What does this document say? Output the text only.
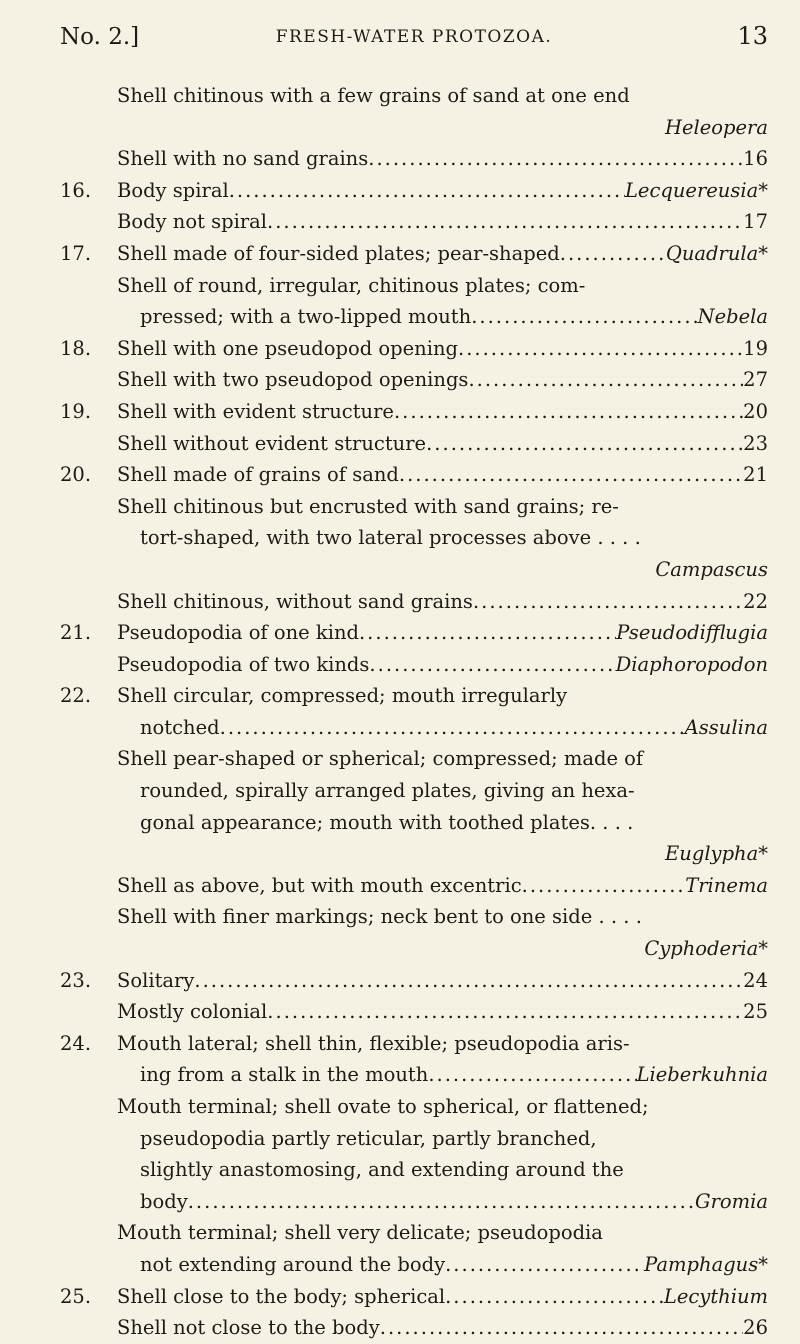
No. 2.]	FRESH-WATER PROTOZOA.	13
Shell chitinous with a few grains of sand at one end
Heleopera
Shell with no sand grains .....	16
16. Body spiral .....	Lecquereusia*
Body not spiral .....	17
17. Shell made of four-sided plates; pear-shaped .....	Quadrula*
Shell of round, irregular, chitinous plates; com-
pressed; with a two-lipped mouth .....	Nebela
18. Shell with one pseudopod opening .....	19
Shell with two pseudopod openings .....	27
19. Shell with evident structure .....	20
Shell without evident structure .....	23
20. Shell made of grains of sand .....	21
Shell chitinous but encrusted with sand grains; re-
tort-shaped, with two lateral processes above . . . .
Campascus
Shell chitinous, without sand grains .....	22
21. Pseudopodia of one kind .....	Pseudodifflugia
Pseudopodia of two kinds .....	Diaphoropodon
22. Shell circular, compressed; mouth irregularly
notched .....	Assulina
Shell pear-shaped or spherical; compressed; made of
rounded, spirally arranged plates, giving an hexa-
gonal appearance; mouth with toothed plates. . . .
Euglypha*
Shell as above, but with mouth excentric .....	Trinema
Shell with finer markings; neck bent to one side . . . .
Cyphoderia*
23. Solitary .....	24
Mostly colonial .....	25
24. Mouth lateral; shell thin, flexible; pseudopodia aris-
ing from a stalk in the mouth .....	Lieberkuhnia
Mouth terminal; shell ovate to spherical, or flattened;
pseudopodia partly reticular, partly branched,
slightly anastomosing, and extending around the
body .....	Gromia
Mouth terminal; shell very delicate; pseudopodia
not extending around the body .....	Pamphagus*
25. Shell close to the body; spherical .....	Lecythium
Shell not close to the body .....	26
